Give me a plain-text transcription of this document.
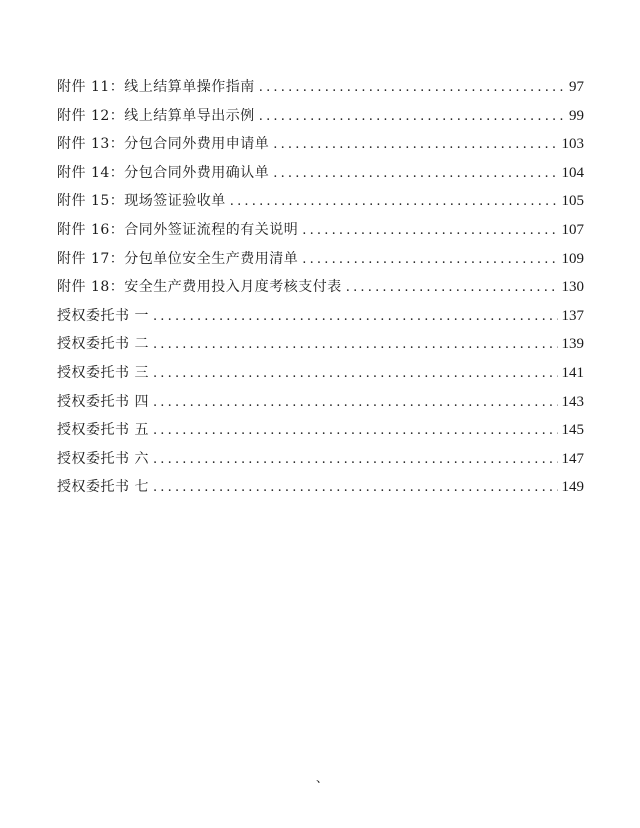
附件 11：线上结算单操作指南 .....	97
附件 12：线上结算单导出示例 .....	99
附件 13：分包合同外费用申请单 .....	103
附件 14：分包合同外费用确认单 .....	104
附件 15：现场签证验收单 .....	105
附件 16：合同外签证流程的有关说明 .....	107
附件 17：分包单位安全生产费用清单 .....	109
附件 18：安全生产费用投入月度考核支付表 .....	130
授权委托书 一 .....	137
授权委托书 二 .....	139
授权委托书 三 .....	141
授权委托书 四 .....	143
授权委托书 五 .....	145
授权委托书 六 .....	147
授权委托书 七 .....	149
、
